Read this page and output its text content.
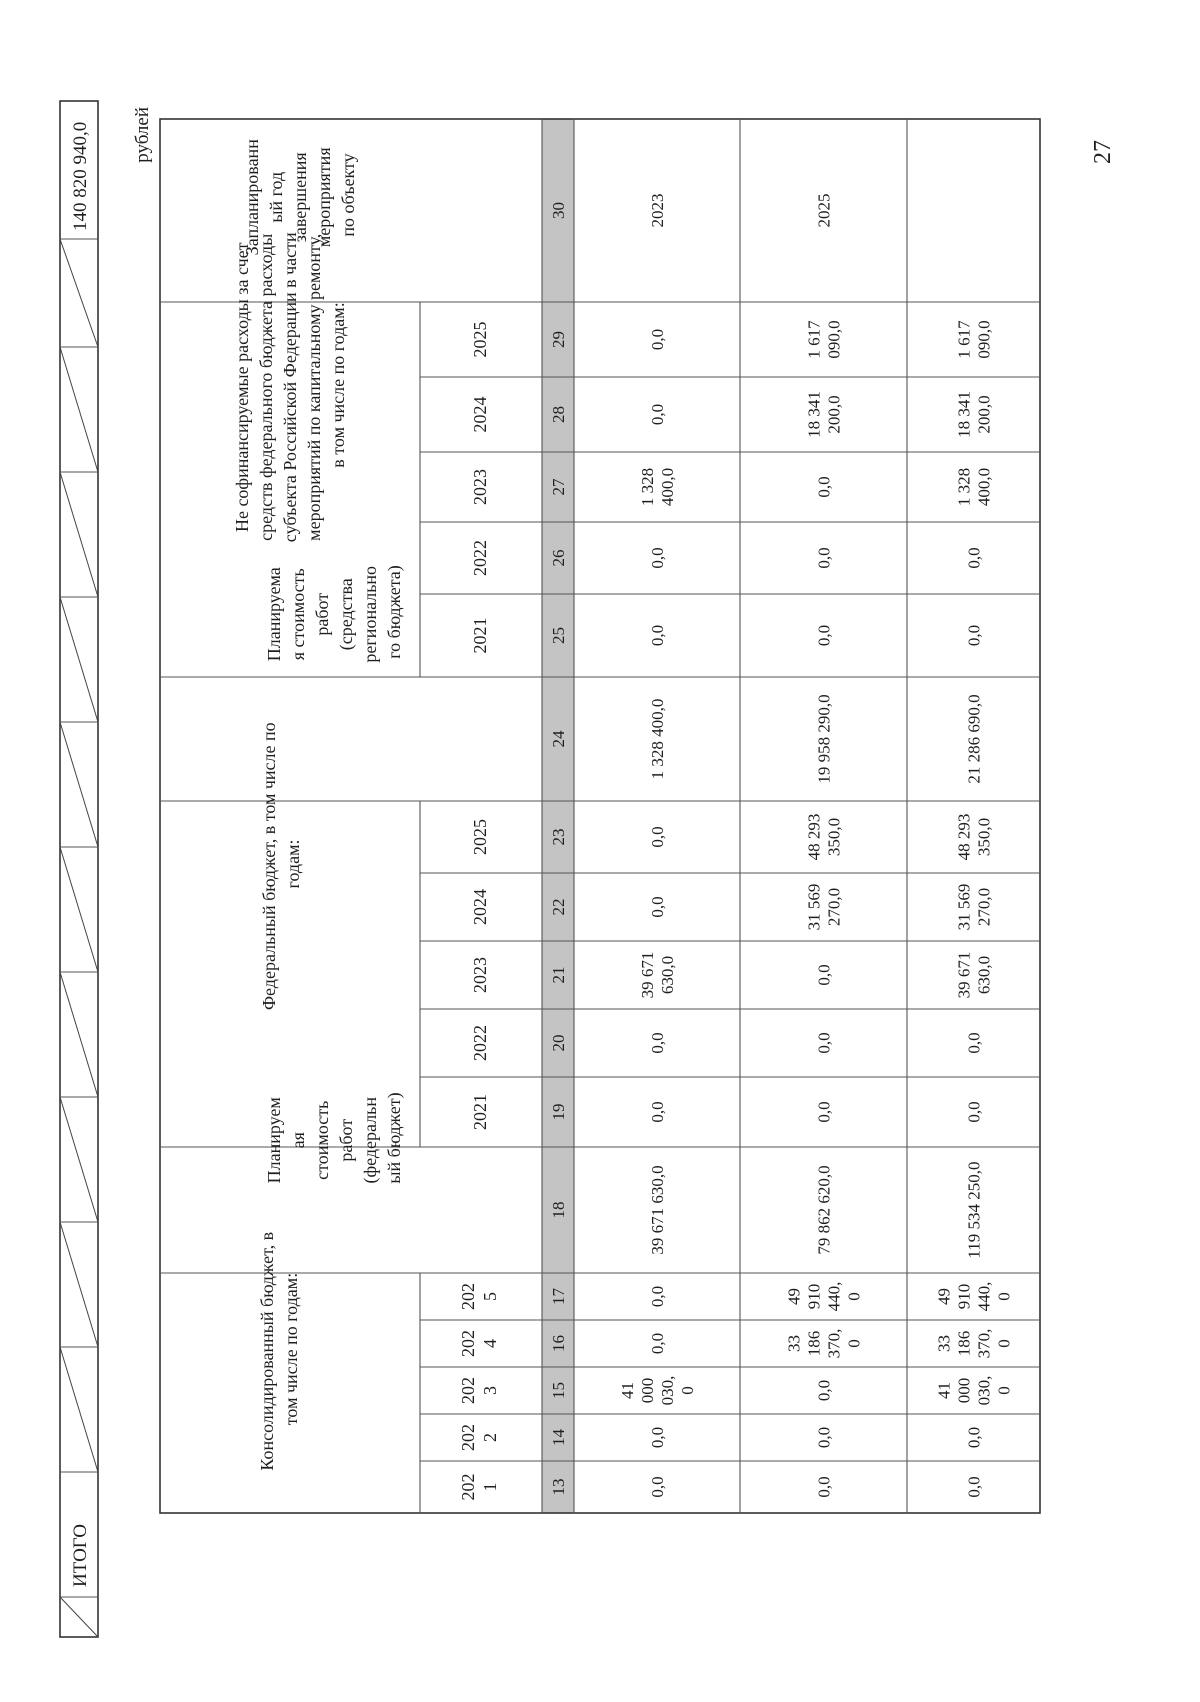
ИТОГО
140 820 940,0 рублей	27
Консолидированный бюджет, в том числе по годам:
Планируем ая стоимость работ (федеральн ый бюджет)
Федеральный бюджет, в том числе по годам:
Планируема я стоимость работ (средства регионально го бюджета)
Не софинансируемые расходы за счет средств федерального бюджета расходы субъекта Российской Федерации в части мероприятий по капитальному ремонту, в том числе по годам:
Запланированн ый год завершения мероприятия по объекту
202 1
202 2
202 3
202 4
202 5
2021
2022
2023
2024
2025
2021
2022
2023
2024
2025
13
14
15
16
17
18
19
20
21
22
23
24
25
26
27
28
29
30
0,0
0,0
41000030,0
0,0
0,0
39 671 630,0
0,0
0,0
39 671630,0
0,0
0,0
1 328 400,0
0,0
0,0
1 328400,0
0,0
0,0
2023
0,0
0,0
0,0
33186370,0
49910440,0
79 862 620,0
0,0
0,0
0,0
31 569270,0
48 293350,0
19 958 290,0
0,0
0,0
0,0
18 341200,0
1 617090,0
2025
0,0
0,0
41000030,0
33186370,0
49910440,0
119 534 250,0
0,0
0,0
39 671630,0
31 569270,0
48 293350,0
21 286 690,0
0,0
0,0
1 328400,0
18 341200,0
1 617090,0
